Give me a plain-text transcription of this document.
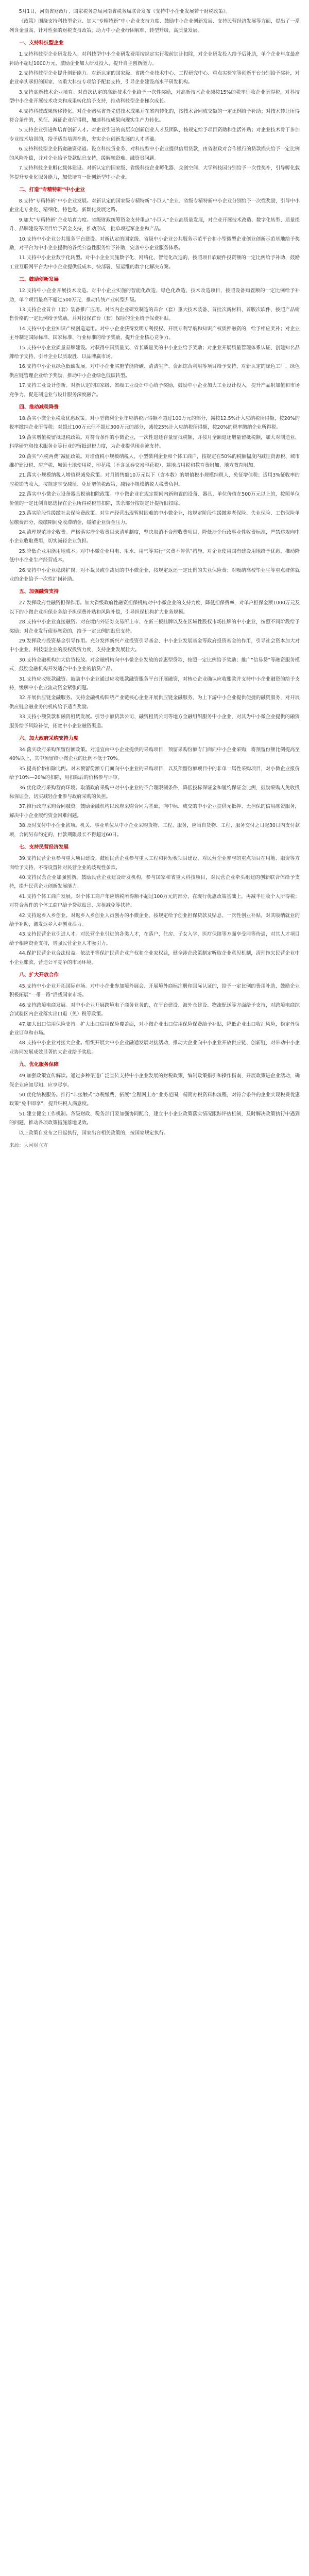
5月1日，河南省财政厅、国家税务总局河南省税务局联合发布《支持中小企业发展若干财税政策》。

《政策》围绕支持科技型企业、加大“专精特新”中小企业支持力度、鼓励中小企业创新发展、支持民营经济发展等方面，提出了一系列含金量高、针对性强的财税支持政策，助力中小企业纾困解难、转型升级、高质量发展。

一、支持科技型企业

1.支持科技型企业研发投入。对科技型中小企业研发费用按规定实行税前加计扣除，对企业研发投入给予后补助，单个企业年度最高补助不超过1000万元，激励企业加大研发投入，提升自主创新能力。

2.支持科技型企业提升创新能力。对新认定的国家级、省级企业技术中心、工程研究中心、重点实验室等创新平台分别给予奖补，对企业牵头承担的国家、省重大科技专项给予配套支持，引导企业建设高水平研发机构。

3.支持高新技术企业培育。对首次认定的高新技术企业给予一次性奖励，对高新技术企业减按15%的税率征收企业所得税，对科技型中小企业开展技术攻关和成果转化给予支持，推动科技型企业梯次成长。

4.支持科技成果转移转化。对企业购买省外先进技术成果并在省内转化的，按技术合同成交额的一定比例给予补助；对技术转让所得符合条件的，免征、减征企业所得税，加速科技成果向现实生产力转化。

5.支持企业引进和培育创新人才。对企业引进的高层次创新创业人才及团队，按规定给予项目资助和生活补贴；对企业技术骨干参加专业技术培训的，给予适当培训补助，夯实企业创新发展的人才基础。

6.支持科技型企业拓宽融资渠道。设立科技贷业务，对科技型中小企业提供信用贷款，由省财政对合作银行的贷款损失给予一定比例的风险补偿，并对企业给予贷款贴息支持，缓解融资难、融资贵问题。

7.支持科技企业孵化载体建设。对新认定的国家级、省级科技企业孵化器、众创空间、大学科技园分别给予一次性奖补，引导孵化载体提升专业化服务能力，加快培育一批创新型中小企业。

二、打造“专精特新”中小企业

8.支持“专精特新”中小企业发展。对新认定的国家级专精特新“小巨人”企业、省级专精特新中小企业分别给予一次性奖励，引导中小企业走专业化、精细化、特色化、新颖化发展之路。

9.加大“专精特新”企业培育力度。省级财政统筹资金支持重点“小巨人”企业高质量发展，对企业开展技术改造、数字化转型、质量提升、品牌建设等项目给予资金支持，推动形成一批单项冠军企业和产品。

10.支持中小企业公共服务平台建设。对新认定的国家级、省级中小企业公共服务示范平台和小型微型企业创业创新示范基地给予奖励，对平台为中小企业提供的各类公益性服务给予补助，完善中小企业服务体系。

11.支持中小企业数字化转型。对中小企业实施数字化、网络化、智能化改造的，按照项目软硬件投资额的一定比例给予补助，鼓励工业互联网平台为中小企业提供低成本、快部署、易运维的数字化解决方案。

三、鼓励创新发展

12.支持中小企业开展技术改造。对中小企业实施的智能化改造、绿色化改造、技术改造项目，按照设备购置额的一定比例给予补助，单个项目最高不超过500万元，推动传统产业转型升级。

13.支持企业首台（套）装备推广应用。对省内企业研发制造的首台（套）重大技术装备、首批次新材料、首版次软件，按照产品销售价格的一定比例给予奖励，并对投保首台（套）保险的企业给予保费补贴。

14.支持中小企业知识产权创造运用。对中小企业获得发明专利授权、开展专利导航和知识产权质押融资的，给予相应奖补；对企业主导制定国际标准、国家标准、行业标准的给予奖励，提升企业核心竞争力。

15.支持中小企业质量品牌建设。对获得中国质量奖、省长质量奖的中小企业给予奖励；对企业开展质量管理体系认证、创建知名品牌给予支持，引导企业以质取胜、以品牌赢市场。

16.支持中小企业绿色低碳发展。对中小企业实施节能降碳、清洁生产、资源综合利用等项目给予支持，对新认定的绿色工厂、绿色供应链管理企业给予奖励，推动中小企业绿色低碳转型。

17.支持工业设计创新。对新认定的国家级、省级工业设计中心给予奖励，鼓励中小企业加大工业设计投入，提升产品附加值和市场竞争力，促进制造业与设计服务深度融合。

四、推动减税降费

18.落实小微企业税收优惠政策。对小型微利企业年应纳税所得额不超过100万元的部分，减按12.5%计入应纳税所得额，按20%的税率缴纳企业所得税；对超过100万元但不超过300万元的部分，减按25%计入应纳税所得额，按20%的税率缴纳企业所得税。

19.落实增值税留抵退税政策。对符合条件的小微企业，一次性退还存量留抵税额，并按月全额退还增量留抵税额，加大对制造业、科学研究和技术服务业等行业的留抵退税力度，为企业提供现金流支持。

20.落实“六税两费”减征政策。对增值税小规模纳税人、小型微利企业和个体工商户，按规定在50%的税额幅度内减征资源税、城市维护建设税、房产税、城镇土地使用税、印花税（不含证券交易印花税）、耕地占用税和教育费附加、地方教育附加。

21.落实小规模纳税人增值税减免政策。对月销售额10万元以下（含本数）的增值税小规模纳税人，免征增值税；适用3%征收率的应税销售收入，按规定享受减征、免征增值税政策，减轻小规模纳税人税费负担。

22.落实中小微企业设备器具税前扣除政策。中小微企业在规定期间内新购置的设备、器具，单位价值在500万元以上的，按照单位价值的一定比例自愿选择在企业所得税税前扣除，其余部分按规定计提折旧扣除。

23.落实阶段性缓缴社会保险费政策。对生产经营出现暂时困难的中小微企业，按规定阶段性缓缴养老保险、失业保险、工伤保险单位缴费部分，缓缴期间免收滞纳金，缓解企业资金压力。

24.清理规范涉企收费。严格落实涉企收费目录清单制度，坚决取消不合理收费项目，降低涉企行政事业性收费标准，严禁违规向中小企业收取费用，切实减轻企业负担。

25.降低企业用能用地成本。对中小微企业用电、用水、用气等实行“欠费不停供”措施，对企业使用国有建设用地给予优惠，推动降低中小企业生产经营成本。

26.支持中小企业稳岗扩岗。对不裁员或少裁员的中小微企业，按规定返还一定比例的失业保险费；对吸纳高校毕业生等重点群体就业的企业给予一次性扩岗补助。

五、加强融资支持

27.发挥政府性融资担保作用。加大省级政府性融资担保机构对中小微企业的支持力度，降低担保费率，对单户担保金额1000万元及以下的小微企业担保业务给予担保费补贴和风险补偿，引导担保机构扩大业务规模。

28.支持中小企业直接融资。对在境内外证券交易所上市、在新三板挂牌以及在区域性股权市场挂牌的中小企业，按照不同阶段给予奖励；对企业发行债券融资的，给予一定比例的贴息支持。

29.发挥政府投资基金引导作用。充分发挥新兴产业投资引导基金、中小企业发展基金等政府投资基金的作用，引导社会资本加大对中小企业、科技型企业的股权投资力度，支持企业发展壮大。

30.支持金融机构加大信贷投放。对金融机构向中小微企业发放的普惠型贷款，按照一定比例给予奖励；推广“信易贷”等融资服务模式，鼓励金融机构开发适合中小企业的信贷产品。

31.支持应收账款融资。鼓励中小企业通过应收账款融资服务平台开展融资，对核心企业确认应收账款并支持中小企业融资的给予支持，缓解中小企业流动资金紧张问题。

32.开展供应链金融服务。支持金融机构围绕产业链核心企业开展供应链金融服务，为上下游中小企业提供便捷的融资服务，对开展供应链金融业务的机构给予适当奖励。

33.支持小额贷款和融资租赁发展。引导小额贷款公司、融资租赁公司等地方金融组织服务中小企业，对其为中小微企业提供的融资服务给予风险补偿，拓宽中小企业融资渠道。

六、加大政府采购支持力度

34.落实政府采购预留份额政策。对适宜由中小企业提供的采购项目，预留采购份额专门面向中小企业采购，将预留份额比例提高至40%以上，其中预留给小微企业的比例不低于70%。

35.提高价格扣除比例。对未预留份额专门面向中小企业的采购项目，以及预留份额项目中的非单一属性采购项目，对小微企业报价给予10%—20%的扣除，用扣除后的价格参与评审。

36.优化政府采购营商环境。取消政府采购中对中小企业的不合理限制条件，降低投标保证金和履约保证金比例，鼓励采购人免收投标保证金，切实减轻企业参与政府采购的负担。

37.推行政府采购合同融资。鼓励金融机构以政府采购合同为基础，向中标、成交的中小企业提供无抵押、无担保的信用融资服务，解决中小企业履约资金困难问题。

38.及时支付中小企业款项。机关、事业单位从中小企业采购货物、工程、服务，应当自货物、工程、服务交付之日起30日内支付款项，合同另有约定的，付款期限最长不得超过60日。

七、支持民营经济发展

39.支持民营企业参与重大项目建设。鼓励民营企业参与重大工程和补短板项目建设，对民营企业参与的重点项目在用地、融资等方面给予支持，不得设置针对民营企业的歧视性条款。

40.支持民营企业加强创新。鼓励民营企业建设研发机构，参与国家和省重大科技项目，对民营企业牵头组建的创新联合体给予支持，提升民营企业创新发展能力。

41.支持个体工商户发展。对个体工商户年应纳税所得额不超过100万元的部分，在现行优惠政策基础上，再减半征收个人所得税；对符合条件的个体工商户给予贷款贴息、房租减免等扶持。

42.支持返乡入乡创业。对返乡入乡创业人员创办的小微企业，按规定给予创业担保贷款及贴息、一次性创业补贴，对其吸纳就业的给予补助，激发返乡入乡创业活力。

43.支持民营企业引进人才。对民营企业引进的各类人才，在落户、住房、子女入学、医疗保障等方面享受同等待遇，对其人才项目给予相应资金支持，增强民营企业人才吸引力。

44.保护民营企业合法权益。依法平等保护民营企业产权和企业家权益，健全涉企政策制定听取企业意见机制，清理拖欠民营企业中小企业账款，营造公平竞争的市场环境。

八、扩大开放合作

45.支持中小企业开拓国际市场。对中小企业参加境外展会、开展境外商标注册和国际认证的，给予一定比例的费用补助，鼓励企业积极拓展“一带一路”沿线国家市场。

46.支持跨境电商发展。对中小企业开展跨境电子商务业务的，在平台建设、海外仓建设、物流配送等方面给予支持，对跨境电商综合试验区内企业落实出口退（免）税等政策。

47.加大出口信用保险支持。扩大出口信用保险覆盖面，对小微企业出口信用保险保费给予补贴，降低企业出口收汇风险，稳定外贸企业订单和市场。

48.支持中小企业对接大企业。组织开展大中小企业融通发展对接活动，推动大企业向中小企业开放供应链、创新链，对带动中小企业协同发展成效显著的大企业给予奖励。

九、优化服务保障

49.加强政策宣传解读。通过多种渠道广泛宣传支持中小企业发展的财税政策，编制政策指引和操作指南，开展政策进企业活动，确保企业应知尽知、应享尽享。

50.优化纳税服务。推行“非接触式”办税缴费，拓展“全程网上办”业务范围，精简办税资料和流程，对符合条件的企业实现税费优惠政策“免申即享”，提升纳税人满意度。

51.建立健全工作机制。各级财政、税务部门要加强协同配合，建立中小企业政策落实情况跟踪评估机制，及时解决政策执行中遇到的问题，推动各项政策措施落地见效。

以上政策自发布之日起执行，国家出台相关政策的，按国家规定执行。

来源：大河财立方
